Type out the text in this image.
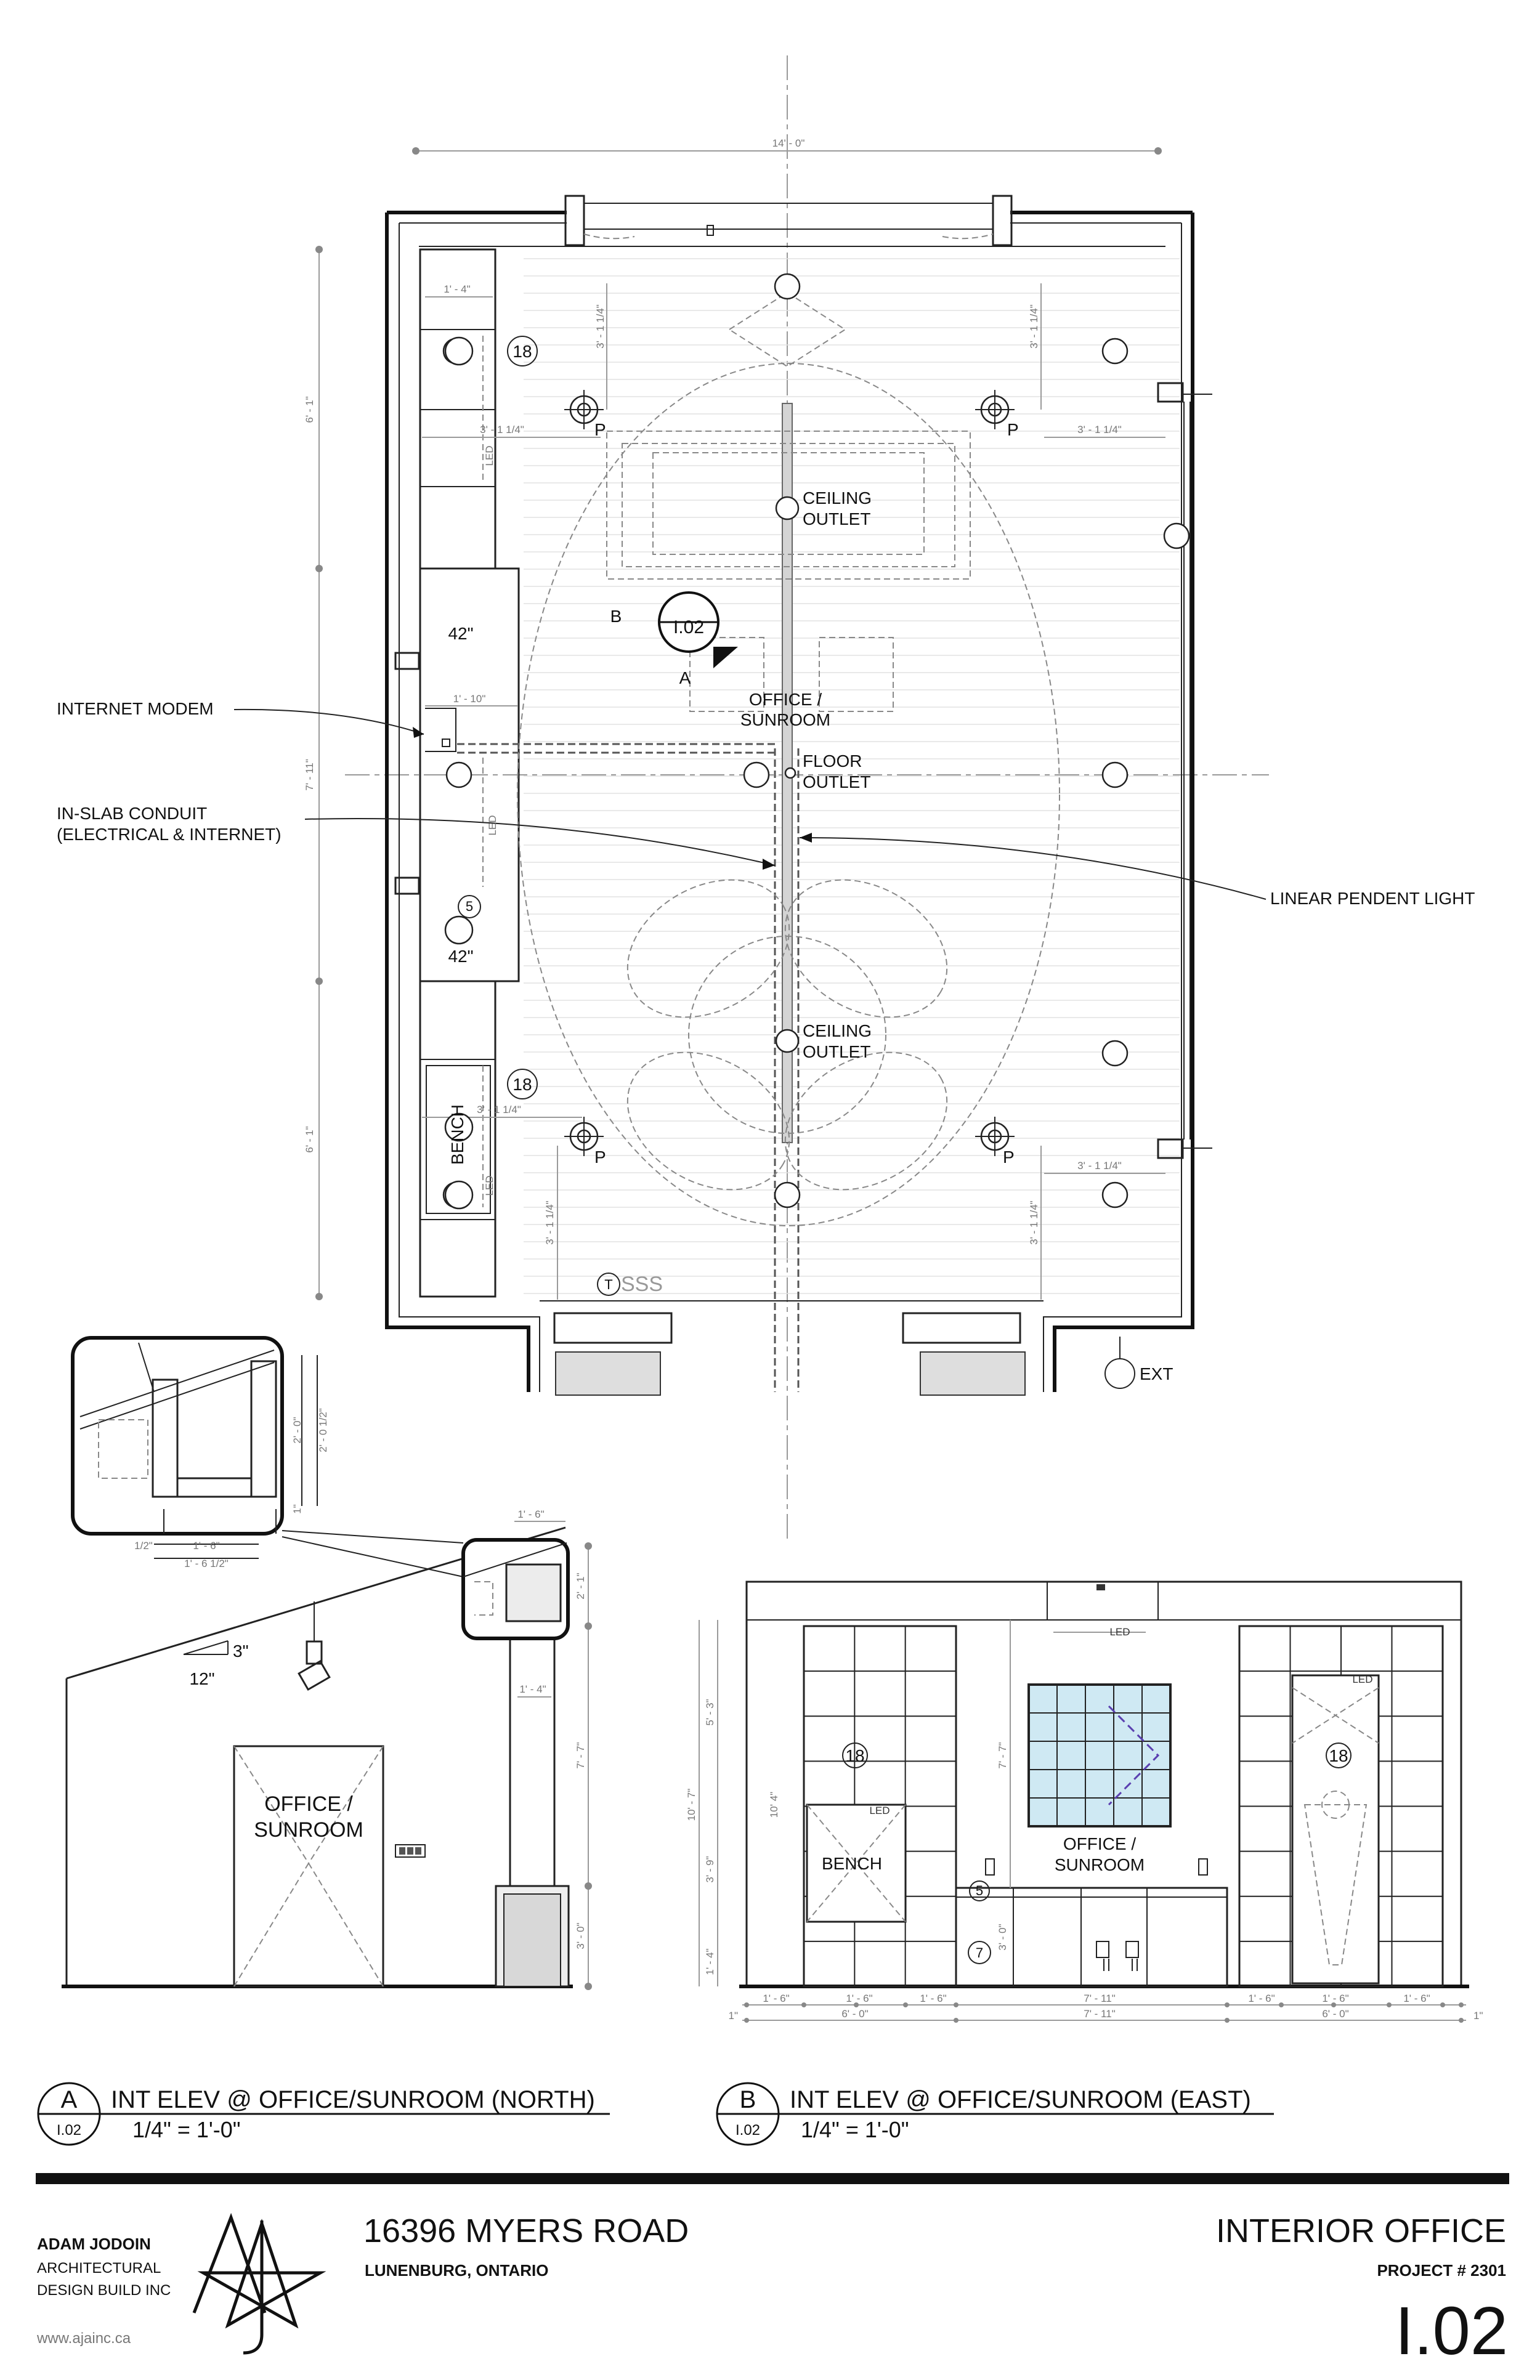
14' - 0"
6' - 1"
7' - 11"
6' - 1"
1' - 4"
1' - 10"
3' - 1 1/4"
3' - 1 1/4"
3' - 1 1/4"
3' - 1 1/4"
3' - 1 1/4"
3' - 1 1/4"
3' - 1 1/4"
3' - 1 1/4"
CEILING
OUTLET
CEILING
OUTLET
FLOOR
OUTLET
OFFICE /
SUNROOM
42"
42"
BENCH
LED
LED
LED
P	P
P	P
18
18
5
T SSS
EXT
INTERNET MODEM
IN-SLAB CONDUIT
(ELECTRICAL & INTERNET)
LINEAR PENDENT LIGHT
I.02
B
A
2' - 0" 2' - 0 1/2"
1"
1/2"	1' - 6"
1' - 6 1/2"
OFFICE /
SUNROOM
3"
12"
1' - 6"
1' - 4"
2' - 1"
7' - 7"
3' - 0"
LED
LED
LED
18	18
BENCH
OFFICE /
SUNROOM
5
7
10' - 7"
5' - 3"
10' 4"
3' - 9"
1' - 4"
7' - 7"
3' - 0"
1' - 6"	1' - 6"	1' - 6"	7' - 11"	1' - 6"	1' - 6"	1' - 6"
6' - 0"	7' - 11"	6' - 0"
1"	1"
A
I.02
INT ELEV @ OFFICE/SUNROOM (NORTH)
1/4" = 1'-0"
B
I.02
INT ELEV @ OFFICE/SUNROOM (EAST)
1/4" = 1'-0"
ADAM JODOIN
ARCHITECTURAL
DESIGN BUILD INC
www.ajainc.ca
16396 MYERS ROAD
LUNENBURG, ONTARIO
INTERIOR OFFICE
PROJECT # 2301
I.02
